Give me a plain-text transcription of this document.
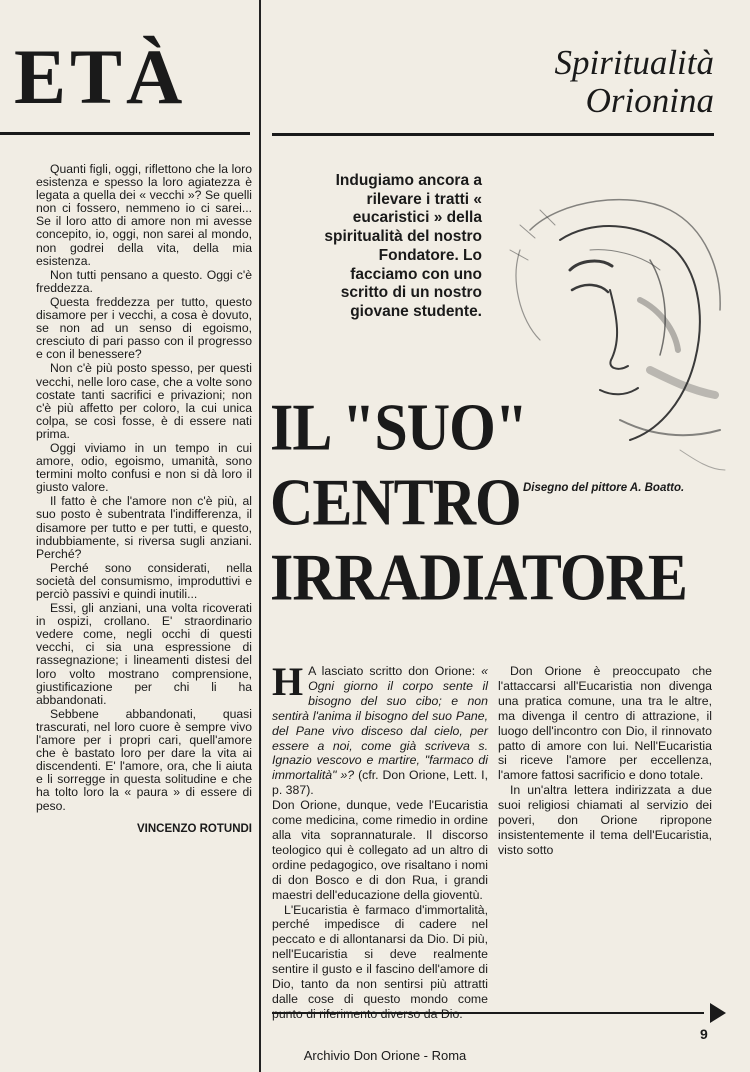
ETÀ

Quanti figli, oggi, riflettono che la loro esistenza e spesso la loro agiatezza è legata a quella dei « vecchi »? Se quelli non ci fossero, nemmeno io ci sarei... Se il loro atto di amore non mi avesse concepito, io, oggi, non sarei al mondo, non godrei della vita, della mia esistenza.

Non tutti pensano a questo. Oggi c'è freddezza.

Questa freddezza per tutto, questo disamore per i vecchi, a cosa è dovuto, se non ad un senso di egoismo, cresciuto di pari passo con il progresso e con il benessere?

Non c'è più posto spesso, per questi vecchi, nelle loro case, che a volte sono costate tanti sacrifici e privazioni; non c'è più affetto per coloro, la cui unica colpa, se così fosse, è di essere nati prima.

Oggi viviamo in un tempo in cui amore, odio, egoismo, umanità, sono termini molto confusi e non si dà loro il giusto valore.

Il fatto è che l'amore non c'è più, al suo posto è subentrata l'indifferenza, il disamore per tutto e per tutti, e questo, indubbiamente, si riversa sugli anziani. Perché?

Perché sono considerati, nella società del consumismo, improduttivi e perciò passivi e quindi inutili...

Essi, gli anziani, una volta ricoverati in ospizi, crollano. E' straordinario vedere come, negli occhi di questi vecchi, ci sia una espressione di rassegnazione; i lineamenti distesi del loro volto mostrano comprensione, giustificazione per chi li ha abbandonati.

Sebbene abbandonati, quasi trascurati, nel loro cuore è sempre vivo l'amore per i propri cari, quell'amore che è bastato loro per dare la vita ai discendenti. E' l'amore, ora, che li aiuta e li sorregge in questa solitudine e che ha tolto loro la « paura » di essere di peso.

VINCENZO ROTUNDI

Spiritualità
Orionina
Indugiamo ancora a rilevare i tratti « eucaristici » della spiritualità del nostro Fondatore. Lo facciamo con uno scritto di un nostro giovane studente.
Disegno del pittore A. Boatto.
IL "SUO"
CENTRO
IRRADIATORE

H A lasciato scritto don Orione: « Ogni giorno il corpo sente il bisogno del suo cibo; e non sentirà l'anima il bisogno del suo Pane, del Pane vivo disceso dal cielo, per essere a noi, come già scriveva s. Ignazio vescovo e martire, "farmaco di immortalità" »? (cfr. Don Orione, Lett. I, p. 387).

Don Orione, dunque, vede l'Eucaristia come medicina, come rimedio in ordine alla vita soprannaturale. Il discorso teologico qui è collegato ad un altro di ordine pedagogico, ove risaltano i nomi di don Bosco e di don Rua, i grandi maestri dell'educazione della gioventù.

L'Eucaristia è farmaco d'immortalità, perché impedisce di cadere nel peccato e di allontanarsi da Dio. Di più, nell'Eucaristia si deve realmente sentire il gusto e il fascino dell'amore di Dio, tanto da non sentirsi più attratti dalle cose di questo mondo come

Don Orione è preoccupato che l'attaccarsi all'Eucaristia non divenga una pratica comune, una tra le altre, ma divenga il centro di attrazione, il luogo dell'incontro con Dio, il rinnovato patto di amore con lui. Nell'Eucaristia si riceve l'amore per eccellenza, l'amore fattosi sacrificio e dono totale.

In un'altra lettera indirizzata a due suoi religiosi chiamati al servizio dei poveri, don Orione ripropone insistentemente il tema dell'Eucaristia, visto sotto

9
Archivio Don Orione - Roma
